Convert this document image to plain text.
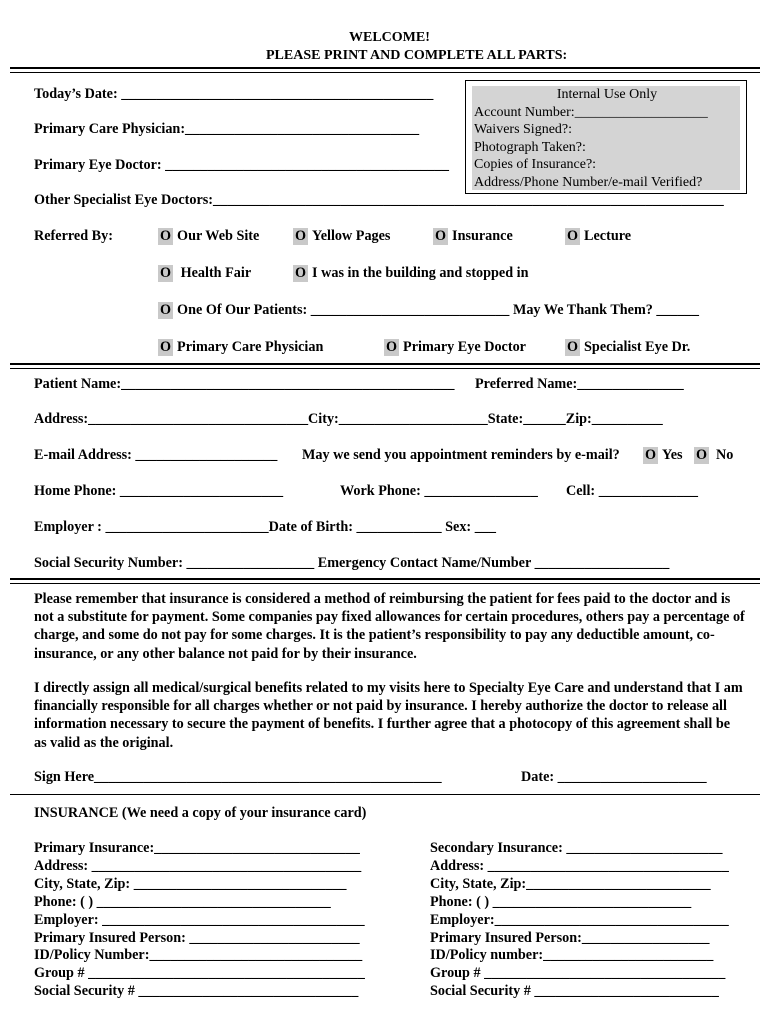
WELCOME!
PLEASE PRINT AND COMPLETE ALL PARTS:
Today’s Date: ____________________________________________
Primary Care Physician:_________________________________
Primary Eye Doctor: ________________________________________
Other Specialist Eye Doctors:________________________________________________________________________
Internal Use Only
Account Number:___________________
Waivers Signed?:
Photograph Taken?:
Copies of Insurance?:
Address/Phone Number/e-mail Verified?
Referred By:	O Our Web Site	O Yellow Pages	O Insurance	O Lecture
O Health Fair	O I was in the building and stopped in
O One Of Our Patients: ____________________________ May We Thank Them? ______
O Primary Care Physician	O Primary Eye Doctor	O Specialist Eye Dr.
Patient Name:_______________________________________________ Preferred Name:_______________
Address:_______________________________City:_____________________State:______Zip:__________
E-mail Address: ____________________ May we send you appointment reminders by e-mail? O Yes O No
Home Phone: _______________________	Work Phone: ________________ Cell: ______________
Employer : _______________________Date of Birth: ____________ Sex: ___
Social Security Number: __________________ Emergency Contact Name/Number ___________________
Please remember that insurance is considered a method of reimbursing the patient for fees paid to the doctor and is not a substitute for payment. Some companies pay fixed allowances for certain procedures, others pay a percentage of charge, and some do not pay for some charges. It is the patient’s responsibility to pay any deductible amount, co-insurance, or any other balance not paid for by their insurance.
I directly assign all medical/surgical benefits related to my visits here to Specialty Eye Care and understand that I am financially responsible for all charges whether or not paid by insurance. I hereby authorize the doctor to release all information necessary to secure the payment of benefits. I further agree that a photocopy of this agreement shall be as valid as the original.
Sign Here_________________________________________________	Date: _____________________
INSURANCE (We need a copy of your insurance card)
Primary Insurance:_____________________________
Address: ______________________________________
City, State, Zip: ______________________________
Phone: ( ) _________________________________
Employer: _____________________________________
Primary Insured Person: ________________________
ID/Policy Number:______________________________
Group # _______________________________________
Social Security # _______________________________
Secondary Insurance: ______________________
Address: __________________________________
City, State, Zip:__________________________
Phone: ( ) ____________________________
Employer:_________________________________
Primary Insured Person:__________________
ID/Policy number:________________________
Group # __________________________________
Social Security # __________________________
